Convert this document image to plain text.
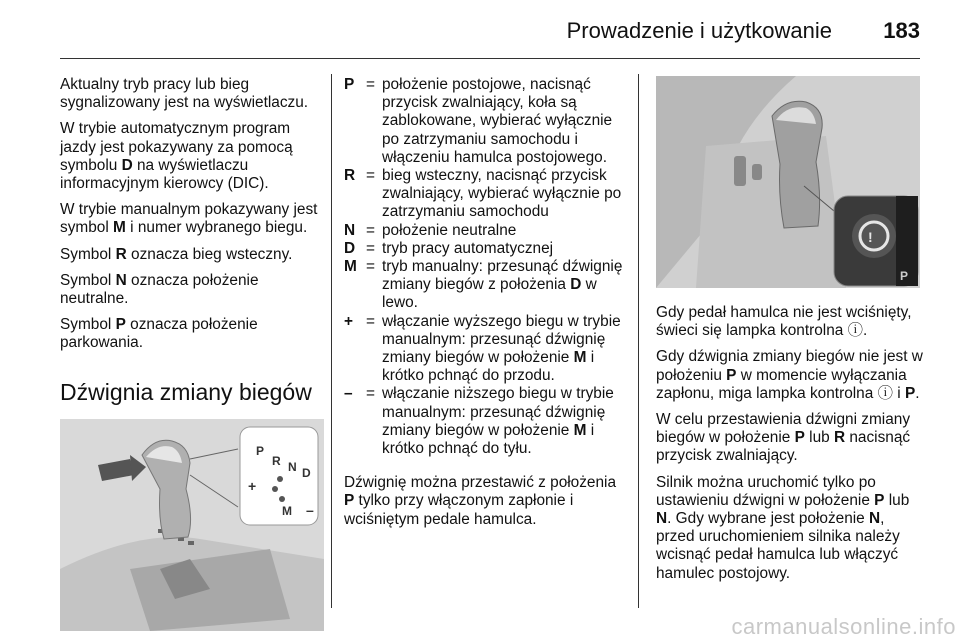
Prowadzenie i użytkowanie 183

Aktualny tryb pracy lub bieg sygnalizowany jest na wyświetlaczu.

W trybie automatycznym program jazdy jest pokazywany za pomocą symbolu D na wyświetlaczu informacyjnym kierowcy (DIC).

W trybie manualnym pokazywany jest symbol M i numer wybranego biegu.

Symbol R oznacza bieg wsteczny.

Symbol N oznacza położenie neutralne.

Symbol P oznacza położenie parkowania.

Dźwignia zmiany biegów
P
R N D
M
+
–
P = położenie postojowe, nacisnąć przycisk zwalniający, koła są zablokowane, wybierać wyłącznie po zatrzymaniu samochodu i włączeniu hamulca postojowego.
R = bieg wsteczny, nacisnąć przycisk zwalniający, wybierać wyłącznie po zatrzymaniu samochodu
N = położenie neutralne
D = tryb pracy automatycznej
M = tryb manualny: przesunąć dźwignię zmiany biegów z położenia D w lewo.
+ = włączanie wyższego biegu w trybie manualnym: przesunąć dźwignię zmiany biegów w położenie M i krótko pchnąć do przodu.
– = włączanie niższego biegu w trybie manualnym: przesunąć dźwignię zmiany biegów w położenie M i krótko pchnąć do tyłu.

Dźwignię można przestawić z położenia P tylko przy włączonym zapłonie i wciśniętym pedale hamulca.

!
P

Gdy pedał hamulca nie jest wciśnięty, świeci się lampka kontrolna ⓘ.

Gdy dźwignia zmiany biegów nie jest w położeniu P w momencie wyłączania zapłonu, miga lampka kontrolna ⓘ i P.

W celu przestawienia dźwigni zmiany biegów w położenie P lub R nacisnąć przycisk zwalniający.

Silnik można uruchomić tylko po ustawieniu dźwigni w położenie P lub N. Gdy wybrane jest położenie N, przed uruchomieniem silnika należy wcisnąć pedał hamulca lub włączyć hamulec postojowy.

carmanualsonline.info
